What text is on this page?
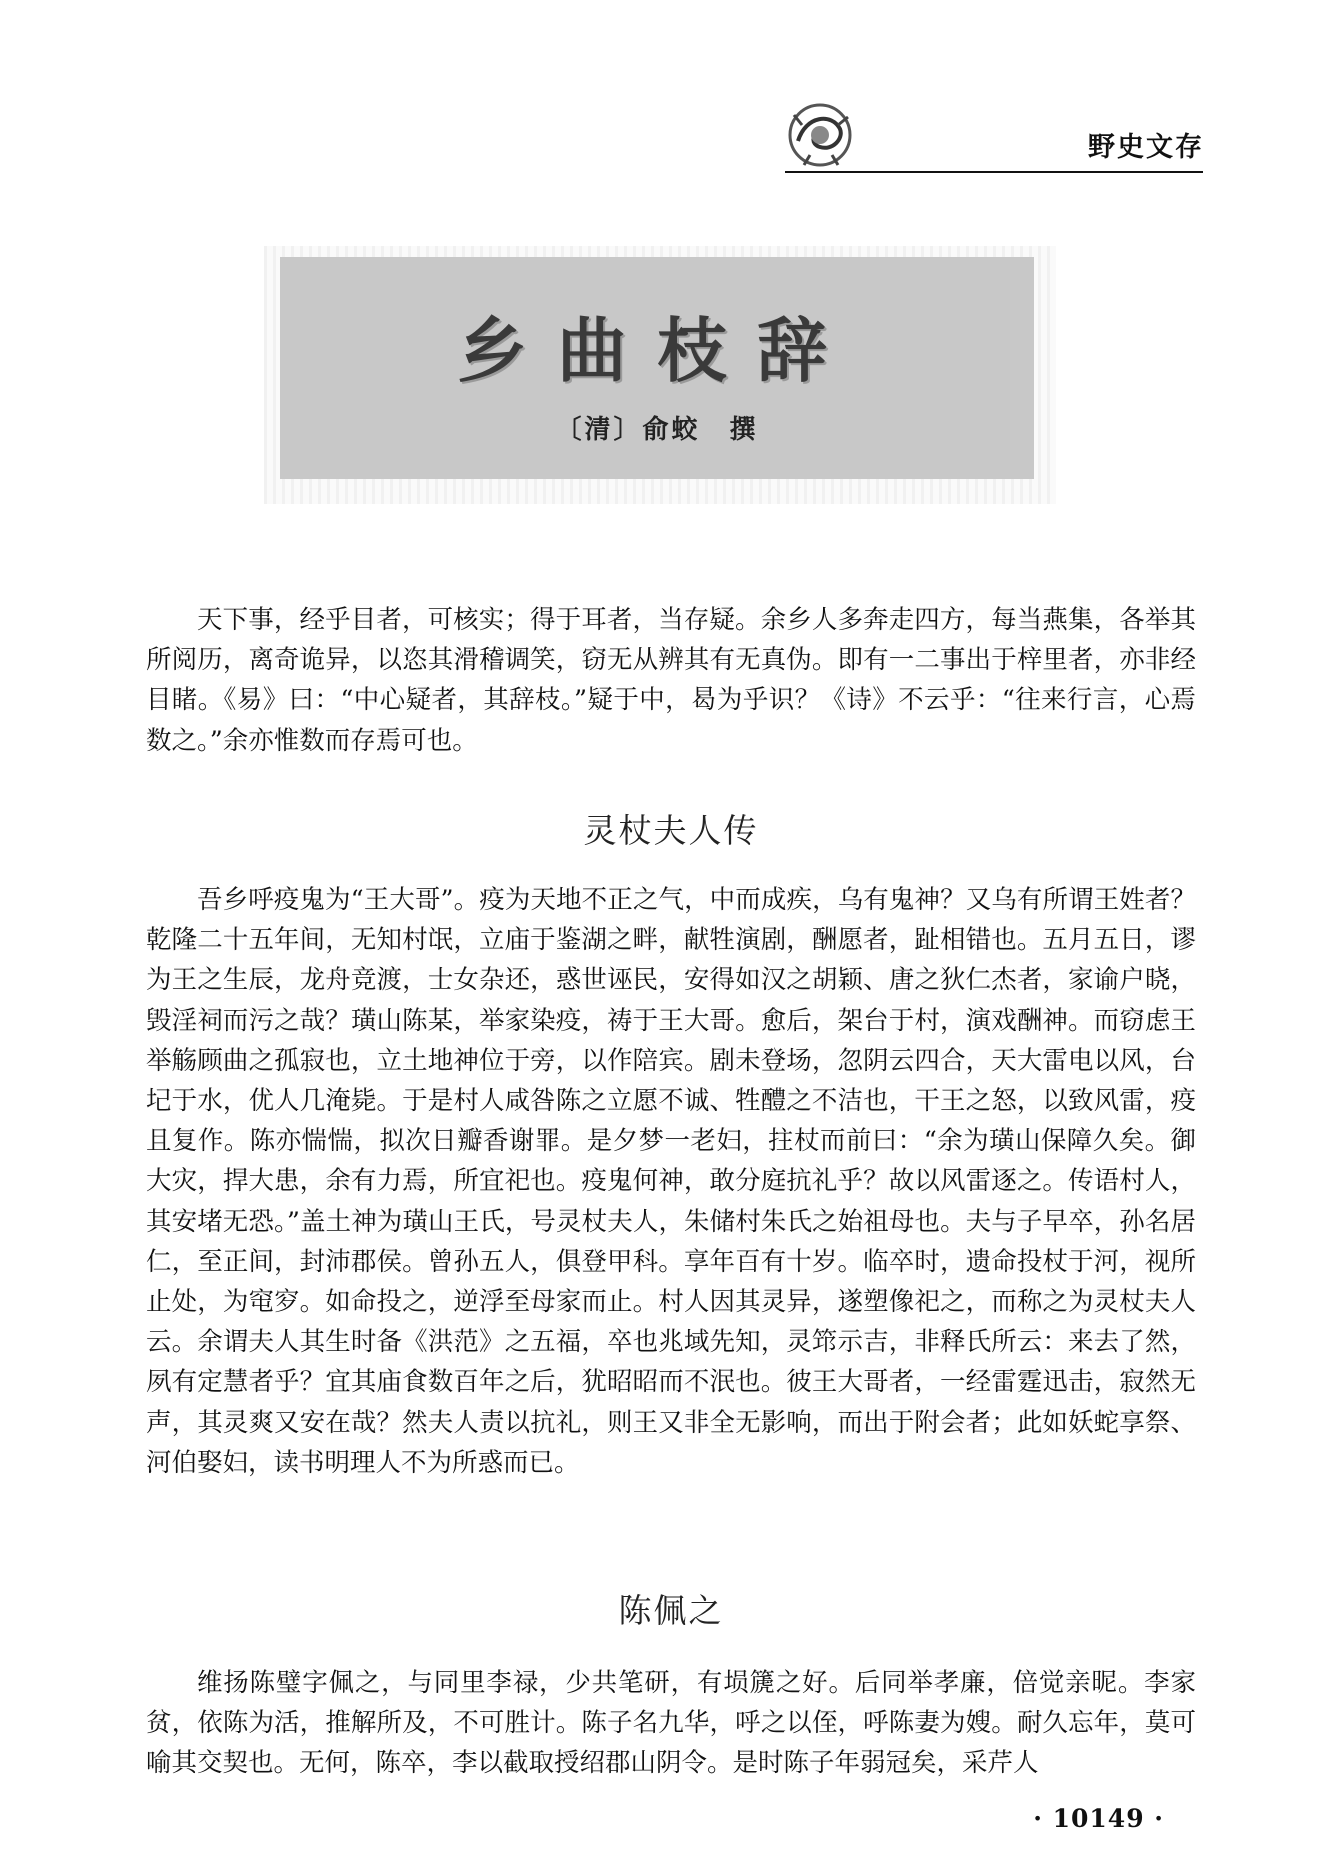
野史文存
乡曲枝辞
〔清〕俞蛟　撰

天下事，经乎目者，可核实；得于耳者，当存疑。余乡人多奔走四方，每当燕集，各举其所阅历，离奇诡异，以恣其滑稽调笑，窃无从辨其有无真伪。即有一二事出于梓里者，亦非经目睹。《易》曰：“中心疑者，其辞枝。”疑于中，曷为乎识？《诗》不云乎：“往来行言，心焉数之。”余亦惟数而存焉可也。

灵杖夫人传

吾乡呼疫鬼为“王大哥”。疫为天地不正之气，中而成疾，乌有鬼神？又乌有所谓王姓者？乾隆二十五年间，无知村氓，立庙于鉴湖之畔，献牲演剧，酬愿者，趾相错也。五月五日，谬为王之生辰，龙舟竞渡，士女杂还，惑世诬民，安得如汉之胡颖、唐之狄仁杰者，家谕户晓，毁淫祠而污之哉？璜山陈某，举家染疫，祷于王大哥。愈后，架台于村，演戏酬神。而窃虑王举觞顾曲之孤寂也，立土地神位于旁，以作陪宾。剧未登场，忽阴云四合，天大雷电以风，台圮于水，优人几淹毙。于是村人咸咎陈之立愿不诚、牲醴之不洁也，干王之怒，以致风雷，疫且复作。陈亦惴惴，拟次日瓣香谢罪。是夕梦一老妇，拄杖而前曰：“余为璜山保障久矣。御大灾，捍大患，余有力焉，所宜祀也。疫鬼何神，敢分庭抗礼乎？故以风雷逐之。传语村人，其安堵无恐。”盖土神为璜山王氏，号灵杖夫人，朱储村朱氏之始祖母也。夫与子早卒，孙名居仁，至正间，封沛郡侯。曾孙五人，俱登甲科。享年百有十岁。临卒时，遗命投杖于河，视所止处，为窀穸。如命投之，逆浮至母家而止。村人因其灵异，遂塑像祀之，而称之为灵杖夫人云。余谓夫人其生时备《洪范》之五福，卒也兆域先知，灵筇示吉，非释氏所云：来去了然，夙有定慧者乎？宜其庙食数百年之后，犹昭昭而不泯也。彼王大哥者，一经雷霆迅击，寂然无声，其灵爽又安在哉？然夫人责以抗礼，则王又非全无影响，而出于附会者；此如妖蛇享祭、河伯娶妇，读书明理人不为所惑而已。

陈佩之

维扬陈璧字佩之，与同里李禄，少共笔研，有埙篪之好。后同举孝廉，倍觉亲昵。李家贫，依陈为活，推解所及，不可胜计。陈子名九华，呼之以侄，呼陈妻为嫂。耐久忘年，莫可喻其交契也。无何，陈卒，李以截取授绍郡山阴令。是时陈子年弱冠矣，采芹人

· 10149 ·
